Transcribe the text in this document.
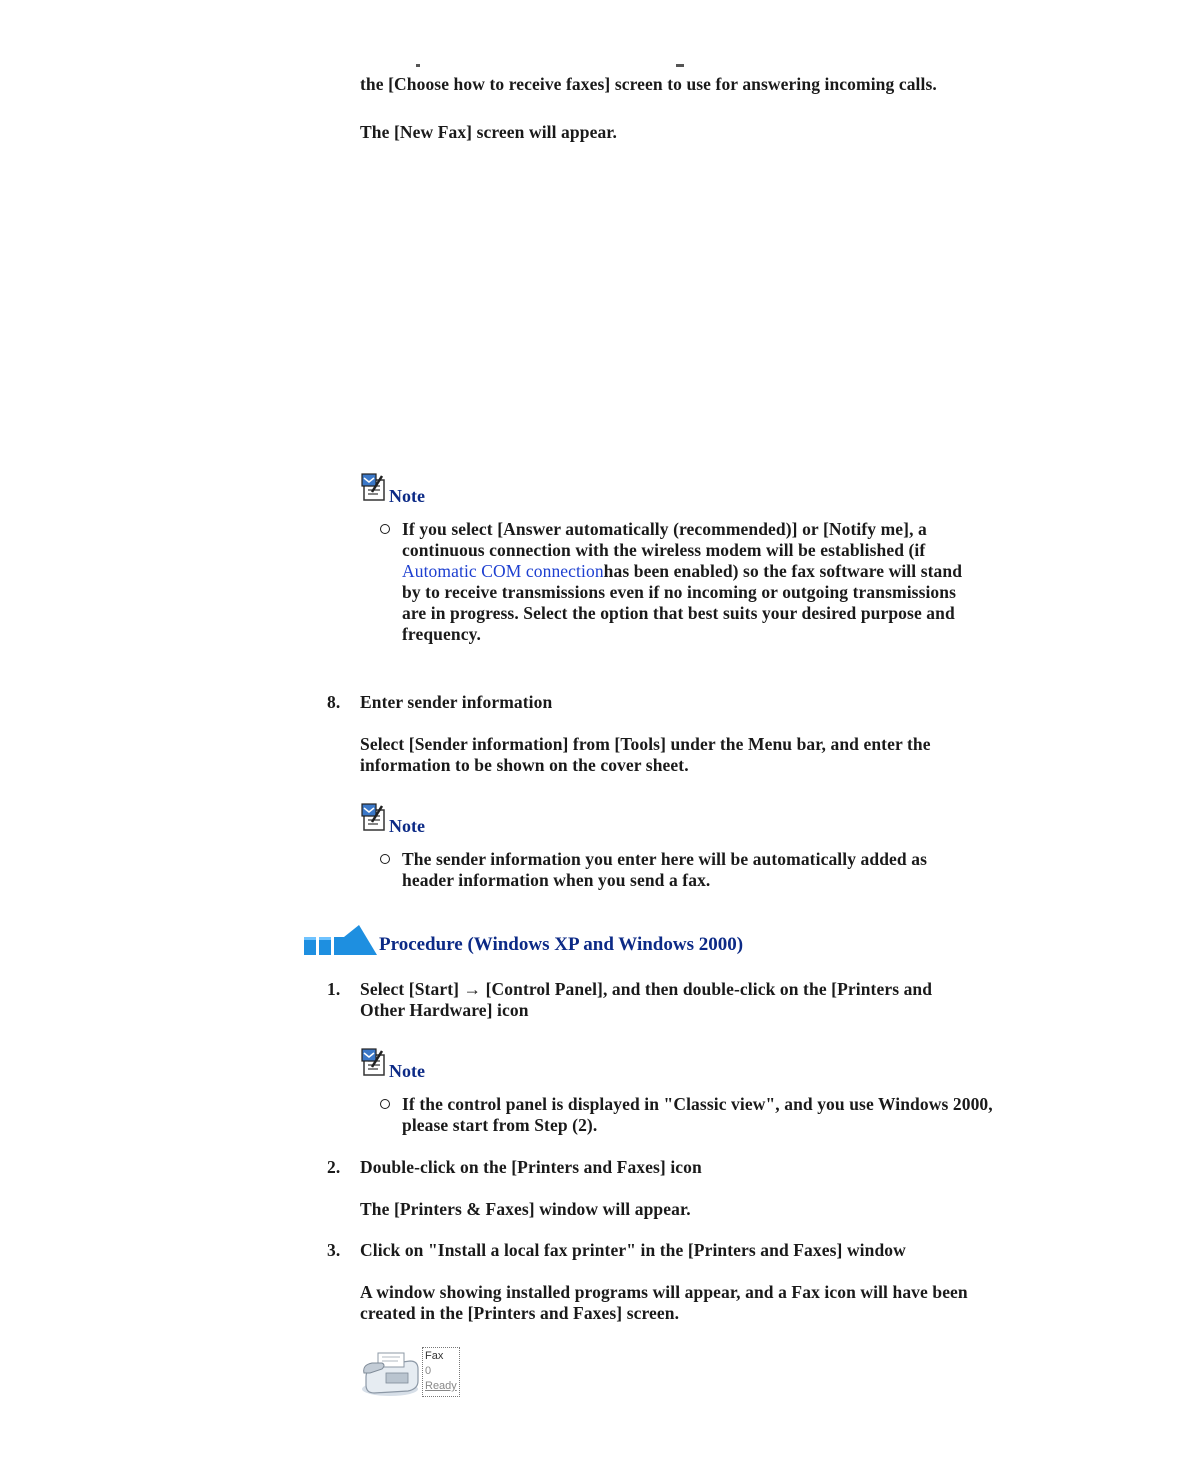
the [Choose how to receive faxes] screen to use for answering incoming calls.
The [New Fax] screen will appear.
Note
If you select [Answer automatically (recommended)] or [Notify me], a continuous connection with the wireless modem will be established (if Automatic COM connectionhas been enabled) so the fax software will stand by to receive transmissions even if no incoming or outgoing transmissions are in progress. Select the option that best suits your desired purpose and frequency.
8.	Enter sender information
Select [Sender information] from [Tools] under the Menu bar, and enter the information to be shown on the cover sheet.
Note
The sender information you enter here will be automatically added as header information when you send a fax.
Procedure (Windows XP and Windows 2000)
1.	Select [Start] → [Control Panel], and then double-click on the [Printers and Other Hardware] icon
Note
If the control panel is displayed in "Classic view", and you use Windows 2000, please start from Step (2).
2.	Double-click on the [Printers and Faxes] icon
The [Printers & Faxes] window will appear.
3.	Click on "Install a local fax printer" in the [Printers and Faxes] window
A window showing installed programs will appear, and a Fax icon will have been created in the [Printers and Faxes] screen.
Fax
0
Ready
